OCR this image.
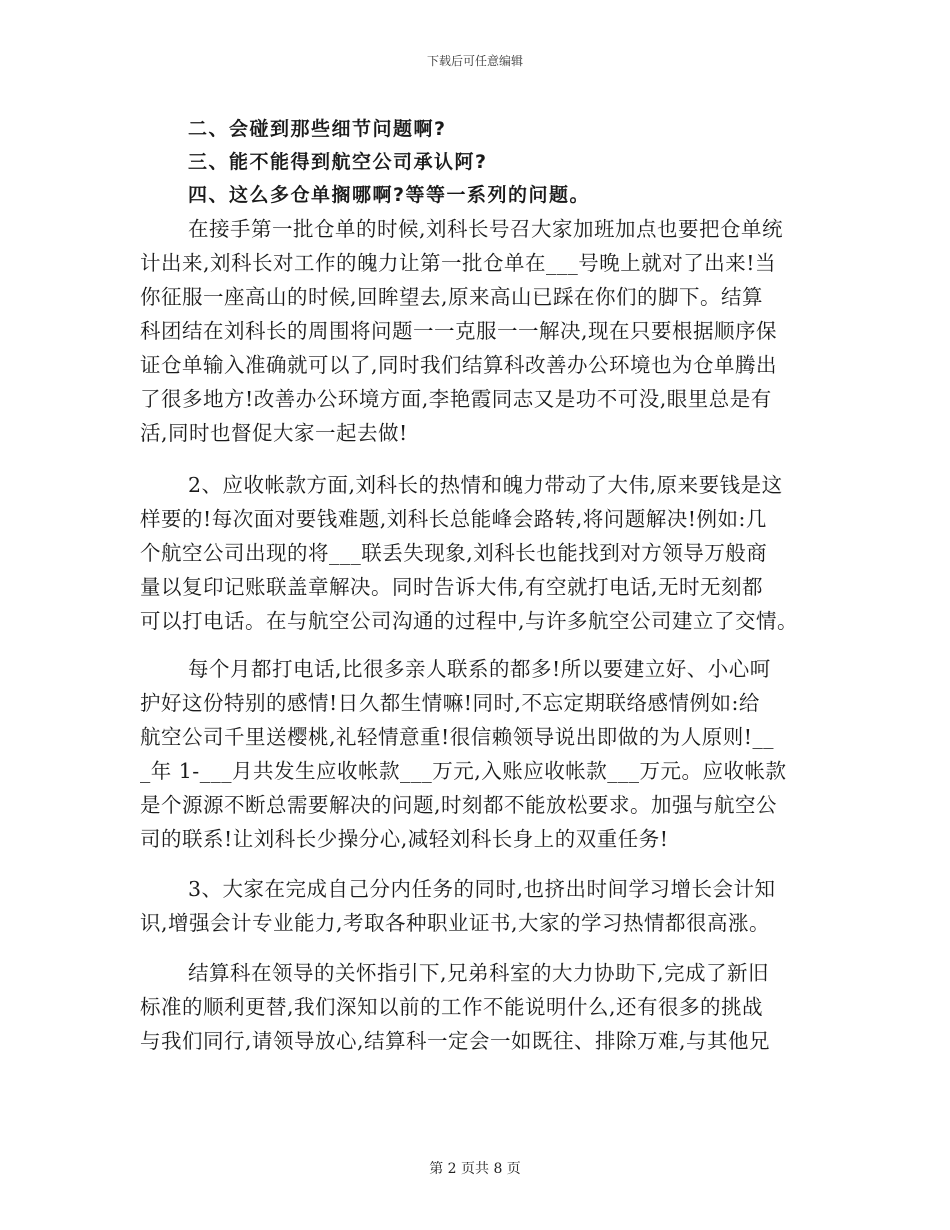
下载后可任意编辑
二、会碰到那些细节问题啊?
三、能不能得到航空公司承认阿?
四、这么多仓单搁哪啊?等等一系列的问题。
在接手第一批仓单的时候,刘科长号召大家加班加点也要把仓单统
计出来,刘科长对工作的魄力让第一批仓单在___号晚上就对了出来!当
你征服一座高山的时候,回眸望去,原来高山已踩在你们的脚下。结算
科团结在刘科长的周围将问题一一克服一一解决,现在只要根据顺序保
证仓单输入准确就可以了,同时我们结算科改善办公环境也为仓单腾出
了很多地方!改善办公环境方面,李艳霞同志又是功不可没,眼里总是有
活,同时也督促大家一起去做!
2、应收帐款方面,刘科长的热情和魄力带动了大伟,原来要钱是这
样要的!每次面对要钱难题,刘科长总能峰会路转,将问题解决!例如:几
个航空公司出现的将___联丢失现象,刘科长也能找到对方领导万般商
量以复印记账联盖章解决。同时告诉大伟,有空就打电话,无时无刻都
可以打电话。在与航空公司沟通的过程中,与许多航空公司建立了交情。
每个月都打电话,比很多亲人联系的都多!所以要建立好、小心呵
护好这份特别的感情!日久都生情嘛!同时,不忘定期联络感情例如:给
航空公司千里送樱桃,礼轻情意重!很信赖领导说出即做的为人原则!__
_年 1-___月共发生应收帐款___万元,入账应收帐款___万元。应收帐款
是个源源不断总需要解决的问题,时刻都不能放松要求。加强与航空公
司的联系!让刘科长少操分心,减轻刘科长身上的双重任务!
3、大家在完成自己分内任务的同时,也挤出时间学习增长会计知
识,增强会计专业能力,考取各种职业证书,大家的学习热情都很高涨。
结算科在领导的关怀指引下,兄弟科室的大力协助下,完成了新旧
标准的顺利更替,我们深知以前的工作不能说明什么,还有很多的挑战
与我们同行,请领导放心,结算科一定会一如既往、排除万难,与其他兄
第 2 页共 8 页
